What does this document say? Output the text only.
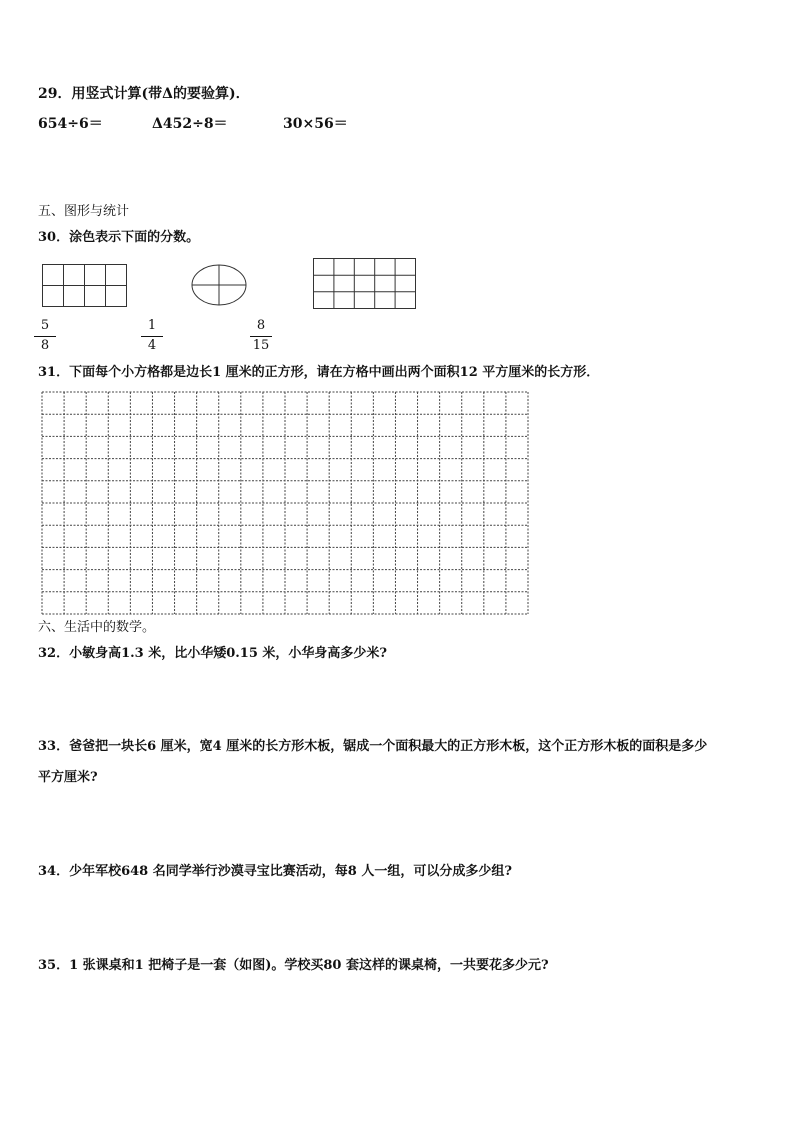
29．用竖式计算(带Δ的要验算)．
654÷6＝	Δ452÷8＝	30×56＝
五、图形与统计
30．涂色表示下面的分数。
5
8
1
4
8
15
31．下面每个小方格都是边长1 厘米的正方形，请在方格中画出两个面积12 平方厘米的长方形．
六、生活中的数学。
32．小敏身高1.3 米，比小华矮0.15 米，小华身高多少米?
33．爸爸把一块长6 厘米，宽4 厘米的长方形木板，锯成一个面积最大的正方形木板，这个正方形木板的面积是多少
平方厘米?
34．少年军校648 名同学举行沙漠寻宝比赛活动，每8 人一组，可以分成多少组?
35．1 张课桌和1 把椅子是一套（如图)。学校买80 套这样的课桌椅，一共要花多少元?
